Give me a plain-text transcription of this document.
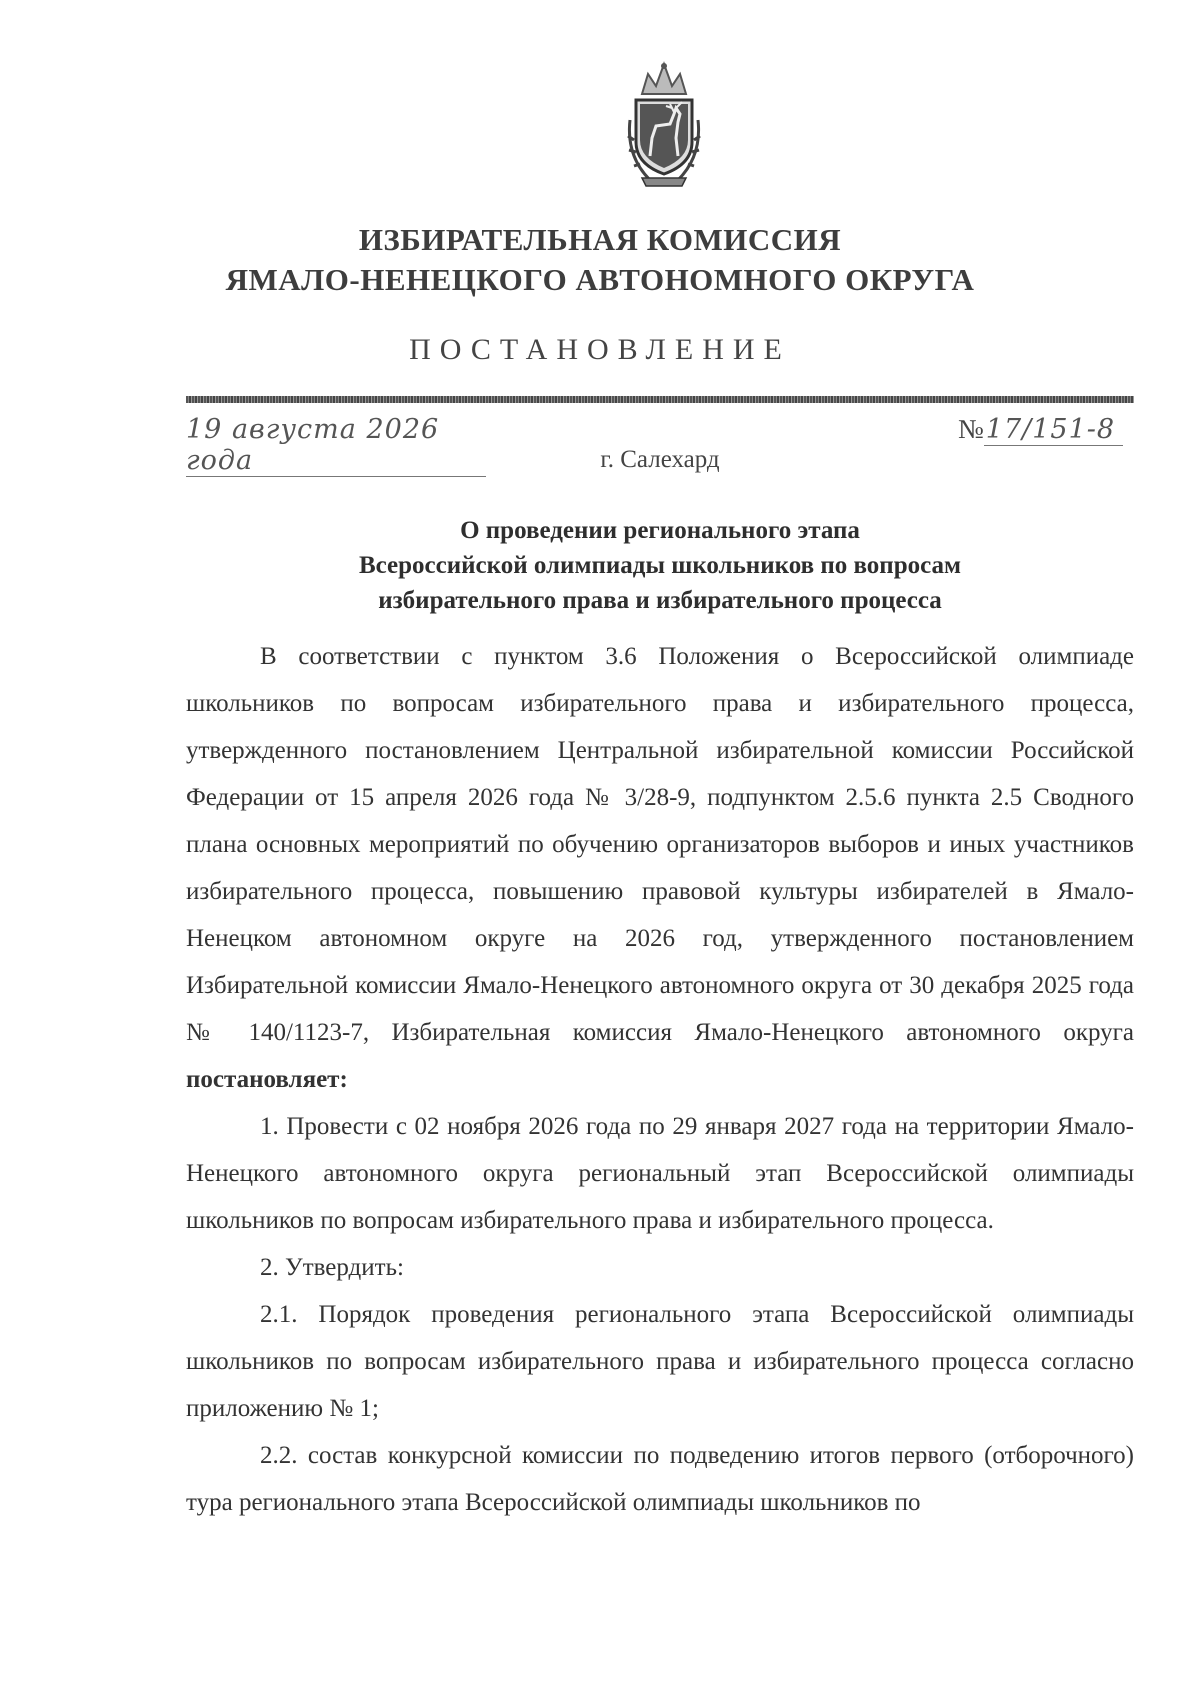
ИЗБИРАТЕЛЬНАЯ КОМИССИЯ
ЯМАЛО-НЕНЕЦКОГО АВТОНОМНОГО ОКРУГА
ПОСТАНОВЛЕНИЕ
19 августа 2026 года
№17/151-8
г. Салехард
О проведении регионального этапа
Всероссийской олимпиады школьников по вопросам
избирательного права и избирательного процесса

В соответствии с пунктом 3.6 Положения о Всероссийской олимпиаде школьников по вопросам избирательного права и избирательного процесса, утвержденного постановлением Центральной избирательной комиссии Российской Федерации от 15 апреля 2026 года № 3/28-9, подпунктом 2.5.6 пункта 2.5 Сводного плана основных мероприятий по обучению организаторов выборов и иных участников избирательного процесса, повышению правовой культуры избирателей в Ямало-Ненецком автономном округе на 2026 год, утвержденного постановлением Избирательной комиссии Ямало-Ненецкого автономного округа от 30 декабря 2025 года № 140/1123-7, Избирательная комиссия Ямало-Ненецкого автономного округа постановляет:

1. Провести с 02 ноября 2026 года по 29 января 2027 года на территории Ямало-Ненецкого автономного округа региональный этап Всероссийской олимпиады школьников по вопросам избирательного права и избирательного процесса.

2. Утвердить:

2.1. Порядок проведения регионального этапа Всероссийской олимпиады школьников по вопросам избирательного права и избирательного процесса согласно приложению № 1;

2.2. состав конкурсной комиссии по подведению итогов первого (отборочного) тура регионального этапа Всероссийской олимпиады школьников по
